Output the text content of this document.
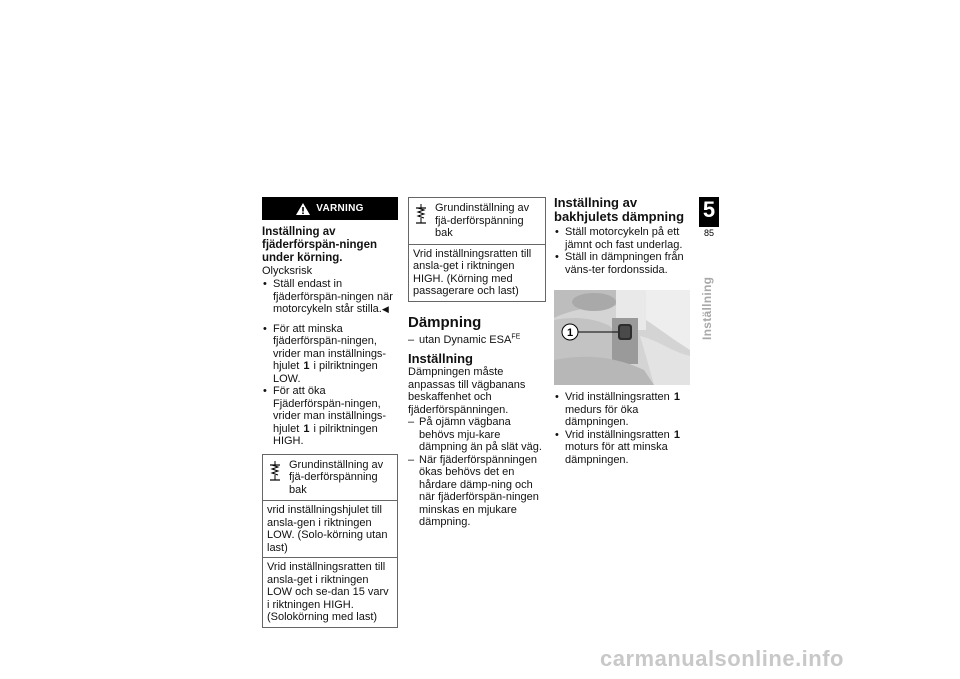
VARNING
Inställning av fjäderförspän-ningen under körning.
Olycksrisk
• Ställ endast in fjäderförspän-ningen när motorcykeln står stilla.◀
• För att minska fjäderförspän-ningen, vrider man inställnings-hjulet 1 i pilriktningen LOW.
• För att öka Fjäderförspän-ningen, vrider man inställnings-hjulet 1 i pilriktningen HIGH.
Grundinställning av fjä-derförspänning bak
vrid inställningshjulet till ansla-gen i riktningen LOW. (Solo-körning utan last)
Vrid inställningsratten till ansla-get i riktningen LOW och se-dan 15 varv i riktningen HIGH. (Solokörning med last)
Grundinställning av fjä-derförspänning bak
Vrid inställningsratten till ansla-get i riktningen HIGH. (Körning med passagerare och last)
Dämpning
– utan Dynamic $ESA^{FE}$
Inställning
Dämpningen måste anpassas till vägbanans beskaffenhet och fjäderförspänningen.
– På ojämn vägbana behövs mju-kare dämpning än på slät väg.
– När fjäderförspänningen ökas behövs det en hårdare dämp-ning och när fjäderförspän-ningen minskas en mjukare dämpning.
Inställning av bakhjulets dämpning
• Ställ motorcykeln på ett jämnt och fast underlag.
• Ställ in dämpningen från väns-ter fordonssida.
1
• Vrid inställningsratten 1 medurs för öka dämpningen.
• Vrid inställningsratten 1 moturs för att minska dämpningen.
5
85
Inställning
carmanualsonline.info
